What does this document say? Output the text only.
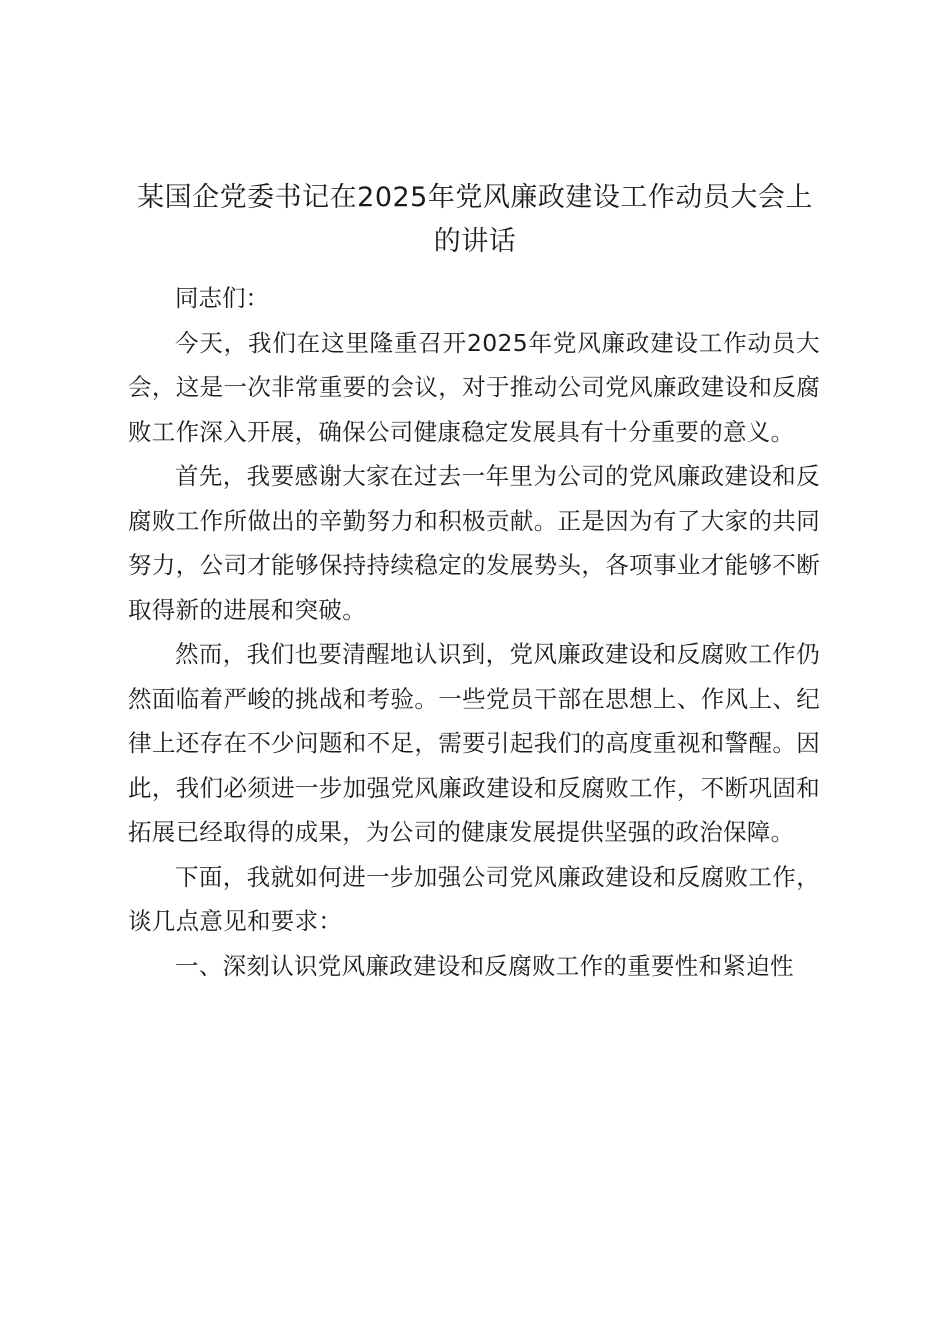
某国企党委书记在2025年党风廉政建设工作动员大会上的讲话

同志们：

今天，我们在这里隆重召开2025年党风廉政建设工作动员大会，这是一次非常重要的会议，对于推动公司党风廉政建设和反腐败工作深入开展，确保公司健康稳定发展具有十分重要的意义。

首先，我要感谢大家在过去一年里为公司的党风廉政建设和反腐败工作所做出的辛勤努力和积极贡献。正是因为有了大家的共同努力，公司才能够保持持续稳定的发展势头，各项事业才能够不断取得新的进展和突破。

然而，我们也要清醒地认识到，党风廉政建设和反腐败工作仍然面临着严峻的挑战和考验。一些党员干部在思想上、作风上、纪律上还存在不少问题和不足，需要引起我们的高度重视和警醒。因此，我们必须进一步加强党风廉政建设和反腐败工作，不断巩固和拓展已经取得的成果，为公司的健康发展提供坚强的政治保障。

下面，我就如何进一步加强公司党风廉政建设和反腐败工作，谈几点意见和要求：

一、深刻认识党风廉政建设和反腐败工作的重要性和紧迫性
